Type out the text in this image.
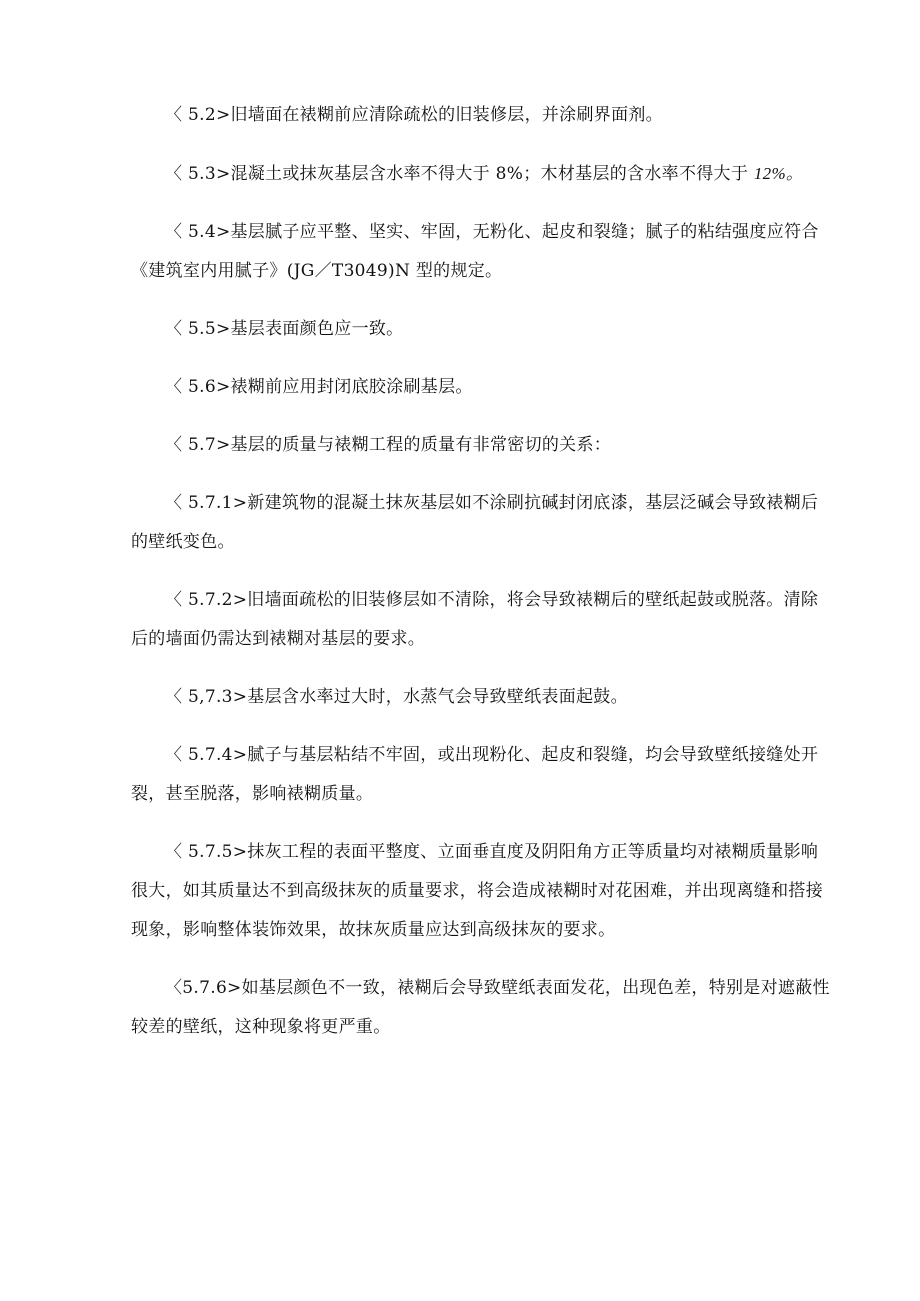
〈 5.2>旧墙面在裱糊前应清除疏松的旧装修层，并涂刷界面剂。

〈 5.3>混凝土或抹灰基层含水率不得大于 8%；木材基层的含水率不得大于 12%。

〈 5.4>基层腻子应平整、坚实、牢固，无粉化、起皮和裂缝；腻子的粘结强度应符合《建筑室内用腻子》(JG／T3049)N 型的规定。

〈 5.5>基层表面颜色应一致。

〈 5.6>裱糊前应用封闭底胶涂刷基层。

〈 5.7>基层的质量与裱糊工程的质量有非常密切的关系：

〈 5.7.1>新建筑物的混凝土抹灰基层如不涂刷抗碱封闭底漆，基层泛碱会导致裱糊后的壁纸变色。

〈 5.7.2>旧墙面疏松的旧装修层如不清除，将会导致裱糊后的壁纸起鼓或脱落。清除后的墙面仍需达到裱糊对基层的要求。

〈 5,7.3>基层含水率过大时，水蒸气会导致壁纸表面起鼓。

〈 5.7.4>腻子与基层粘结不牢固，或出现粉化、起皮和裂缝，均会导致壁纸接缝处开裂，甚至脱落，影响裱糊质量。

〈 5.7.5>抹灰工程的表面平整度、立面垂直度及阴阳角方正等质量均对裱糊质量影响很大，如其质量达不到高级抹灰的质量要求，将会造成裱糊时对花困难，并出现离缝和搭接现象，影响整体装饰效果，故抹灰质量应达到高级抹灰的要求。

〈5.7.6>如基层颜色不一致，裱糊后会导致壁纸表面发花，出现色差，特别是对遮蔽性较差的壁纸，这种现象将更严重。
